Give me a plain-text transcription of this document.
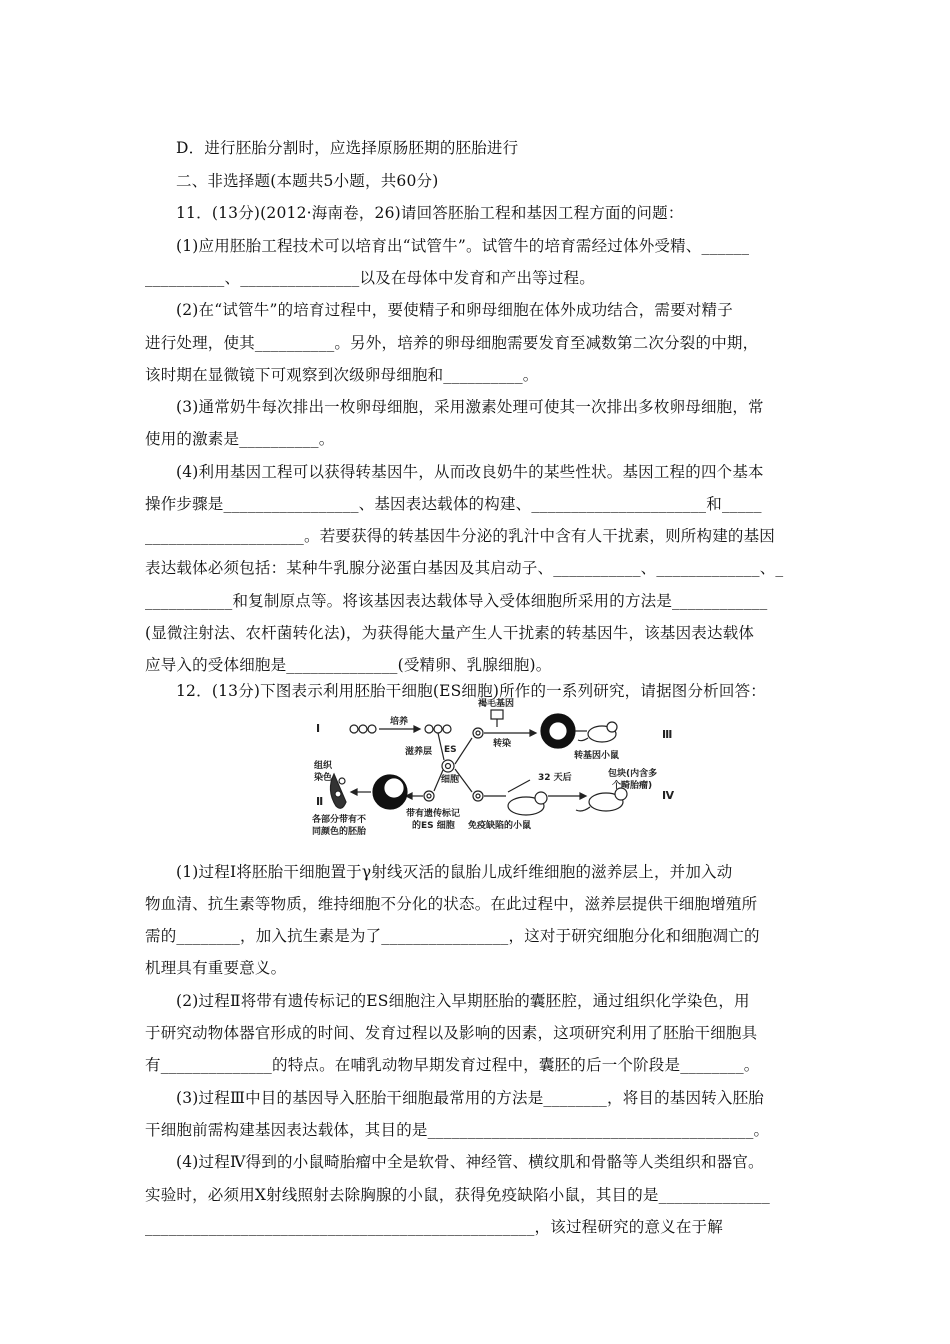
D．进行胚胎分割时，应选择原肠胚期的胚胎进行
二、非选择题(本题共5小题，共60分)
11．(13分)(2012·海南卷，26)请回答胚胎工程和基因工程方面的问题：
(1)应用胚胎工程技术可以培育出“试管牛”。试管牛的培育需经过体外受精、______
__________、_______________以及在母体中发育和产出等过程。
(2)在“试管牛”的培育过程中，要使精子和卵母细胞在体外成功结合，需要对精子
进行处理，使其__________。另外，培养的卵母细胞需要发育至减数第二次分裂的中期，
该时期在显微镜下可观察到次级卵母细胞和__________。
(3)通常奶牛每次排出一枚卵母细胞，采用激素处理可使其一次排出多枚卵母细胞，常
使用的激素是__________。
(4)利用基因工程可以获得转基因牛，从而改良奶牛的某些性状。基因工程的四个基本
操作步骤是_________________、基因表达载体的构建、______________________和_____
____________________。若要获得的转基因牛分泌的乳汁中含有人干扰素，则所构建的基因
表达载体必须包括：某种牛乳腺分泌蛋白基因及其启动子、___________、_____________、_
___________和复制原点等。将该基因表达载体导入受体细胞所采用的方法是____________
(显微注射法、农杆菌转化法)，为获得能大量产生人干扰素的转基因牛，该基因表达载体
应导入的受体细胞是______________(受精卵、乳腺细胞)。
12．(13分)下图表示利用胚胎干细胞(ES细胞)所作的一系列研究，请据图分析回答：
Ⅰ
Ⅱ
Ⅲ
Ⅳ
培养
滋养层 ES
细胞
褐毛基因
转染
转基因小鼠
组织
染色
各部分带有不
同颜色的胚胎
带有遗传标记
的ES 细胞
32 天后	包块(内含多
个畸胎瘤)
免疫缺陷的小鼠
(1)过程Ⅰ将胚胎干细胞置于γ射线灭活的鼠胎儿成纤维细胞的滋养层上，并加入动
物血清、抗生素等物质，维持细胞不分化的状态。在此过程中，滋养层提供干细胞增殖所
需的________，加入抗生素是为了________________，这对于研究细胞分化和细胞凋亡的
机理具有重要意义。
(2)过程Ⅱ将带有遗传标记的ES细胞注入早期胚胎的囊胚腔，通过组织化学染色，用
于研究动物体器官形成的时间、发育过程以及影响的因素，这项研究利用了胚胎干细胞具
有______________的特点。在哺乳动物早期发育过程中，囊胚的后一个阶段是________。
(3)过程Ⅲ中目的基因导入胚胎干细胞最常用的方法是________，将目的基因转入胚胎
干细胞前需构建基因表达载体，其目的是_________________________________________。
(4)过程Ⅳ得到的小鼠畸胎瘤中全是软骨、神经管、横纹肌和骨骼等人类组织和器官。
实验时，必须用X射线照射去除胸腺的小鼠，获得免疫缺陷小鼠，其目的是______________
_________________________________________________，该过程研究的意义在于解
